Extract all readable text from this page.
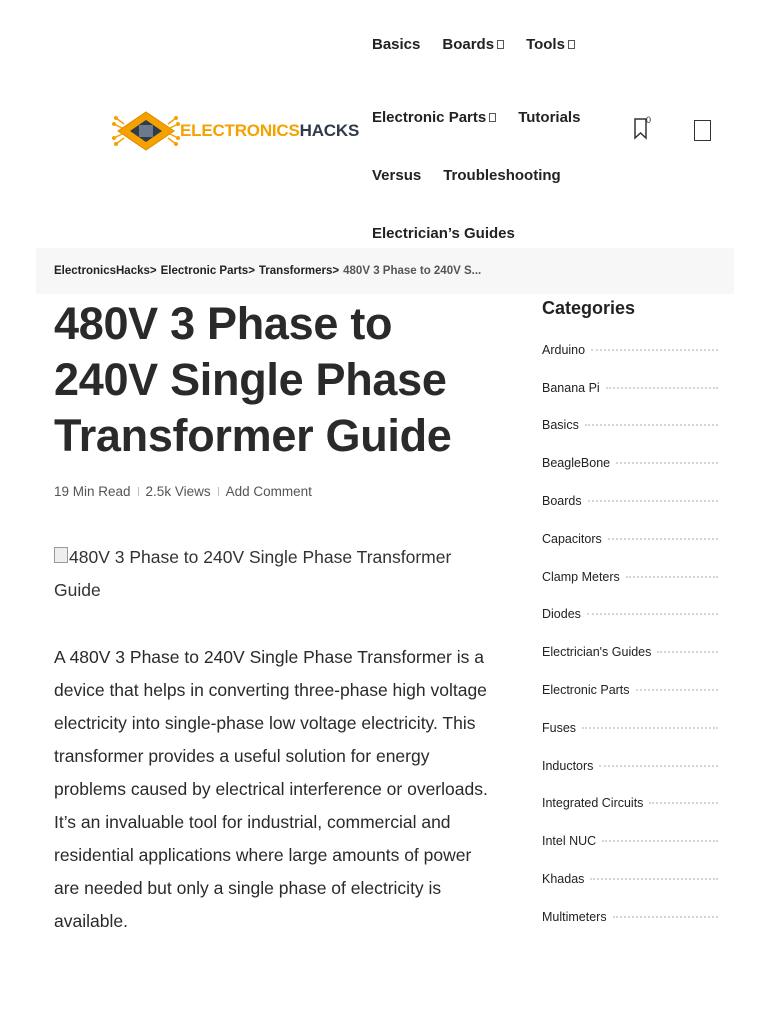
ELECTRONICSHACKS
Basics Boards Tools
Electronic Parts Tutorials
Versus Troubleshooting
Electrician’s Guides
0
ElectronicsHacks > Electronic Parts > Transformers > 480V 3 Phase to 240V S...
480V 3 Phase to 240V Single Phase Transformer Guide
19 Min Read 2.5k Views Add Comment
480V 3 Phase to 240V Single Phase Transformer Guide

A 480V 3 Phase to 240V Single Phase Transformer is a device that helps in converting three-phase high voltage electricity into single-phase low voltage electricity. This transformer provides a useful solution for energy problems caused by electrical interference or overloads. It’s an invaluable tool for industrial, commercial and residential applications where large amounts of power are needed but only a single phase of electricity is available.

Categories
Arduino
Banana Pi
Basics
BeagleBone
Boards
Capacitors
Clamp Meters
Diodes
Electrician's Guides
Electronic Parts
Fuses
Inductors
Integrated Circuits
Intel NUC
Khadas
Multimeters
